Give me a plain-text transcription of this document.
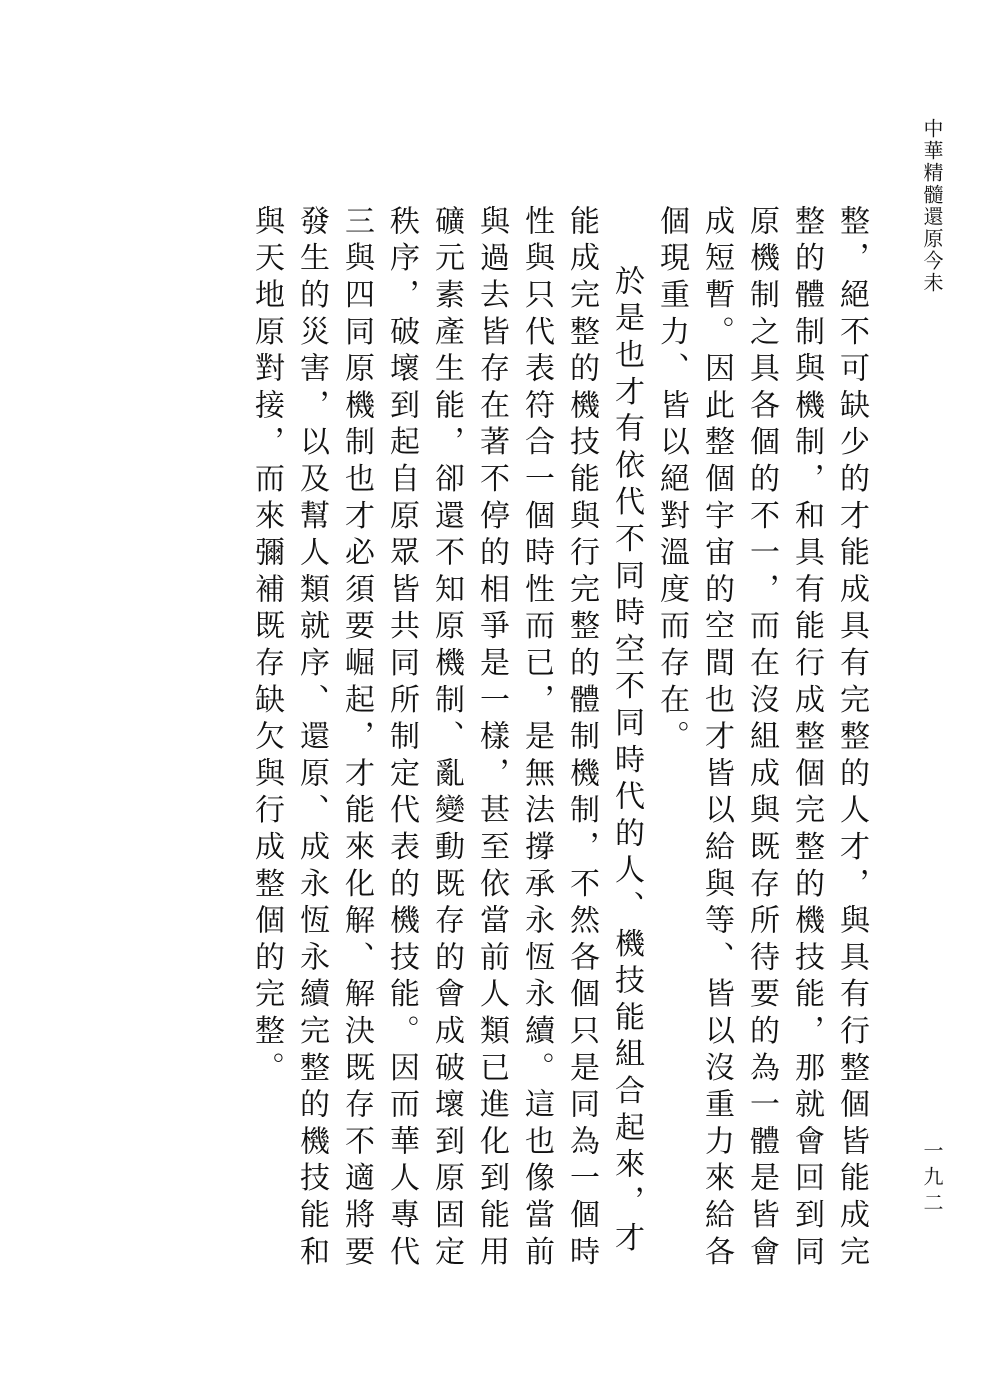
中華精髓還原今未

整，絕不可缺少的才能成具有完整的人才，與具有行整個皆能成完整的體制與機制，和具有能行成整個完整的機技能，那就會回到同原機制之具各個的不一，而在沒組成與既存所待要的為一體是皆會成短暫。因此整個宇宙的空間也才皆以給與等、皆以沒重力來給各個現重力、皆以絕對溫度而存在。

於是也才有依代不同時空不同時代的人、機技能組合起來，才能成完整的機技能與行完整的體制機制，不然各個只是同為一個時性與只代表符合一個時性而已，是無法撐承永恆永續。這也像當前與過去皆存在著不停的相爭是一樣，甚至依當前人類已進化到能用礦元素產生能，卻還不知原機制、亂變動既存的會成破壞到原固定秩序，破壞到起自原眾皆共同所制定代表的機技能。因而華人專代三與四同原機制也才必須要崛起，才能來化解、解決既存不適將要發生的災害，以及幫人類就序、還原、成永恆永續完整的機技能和與天地原對接，而來彌補既存缺欠與行成整個的完整。

一九二
